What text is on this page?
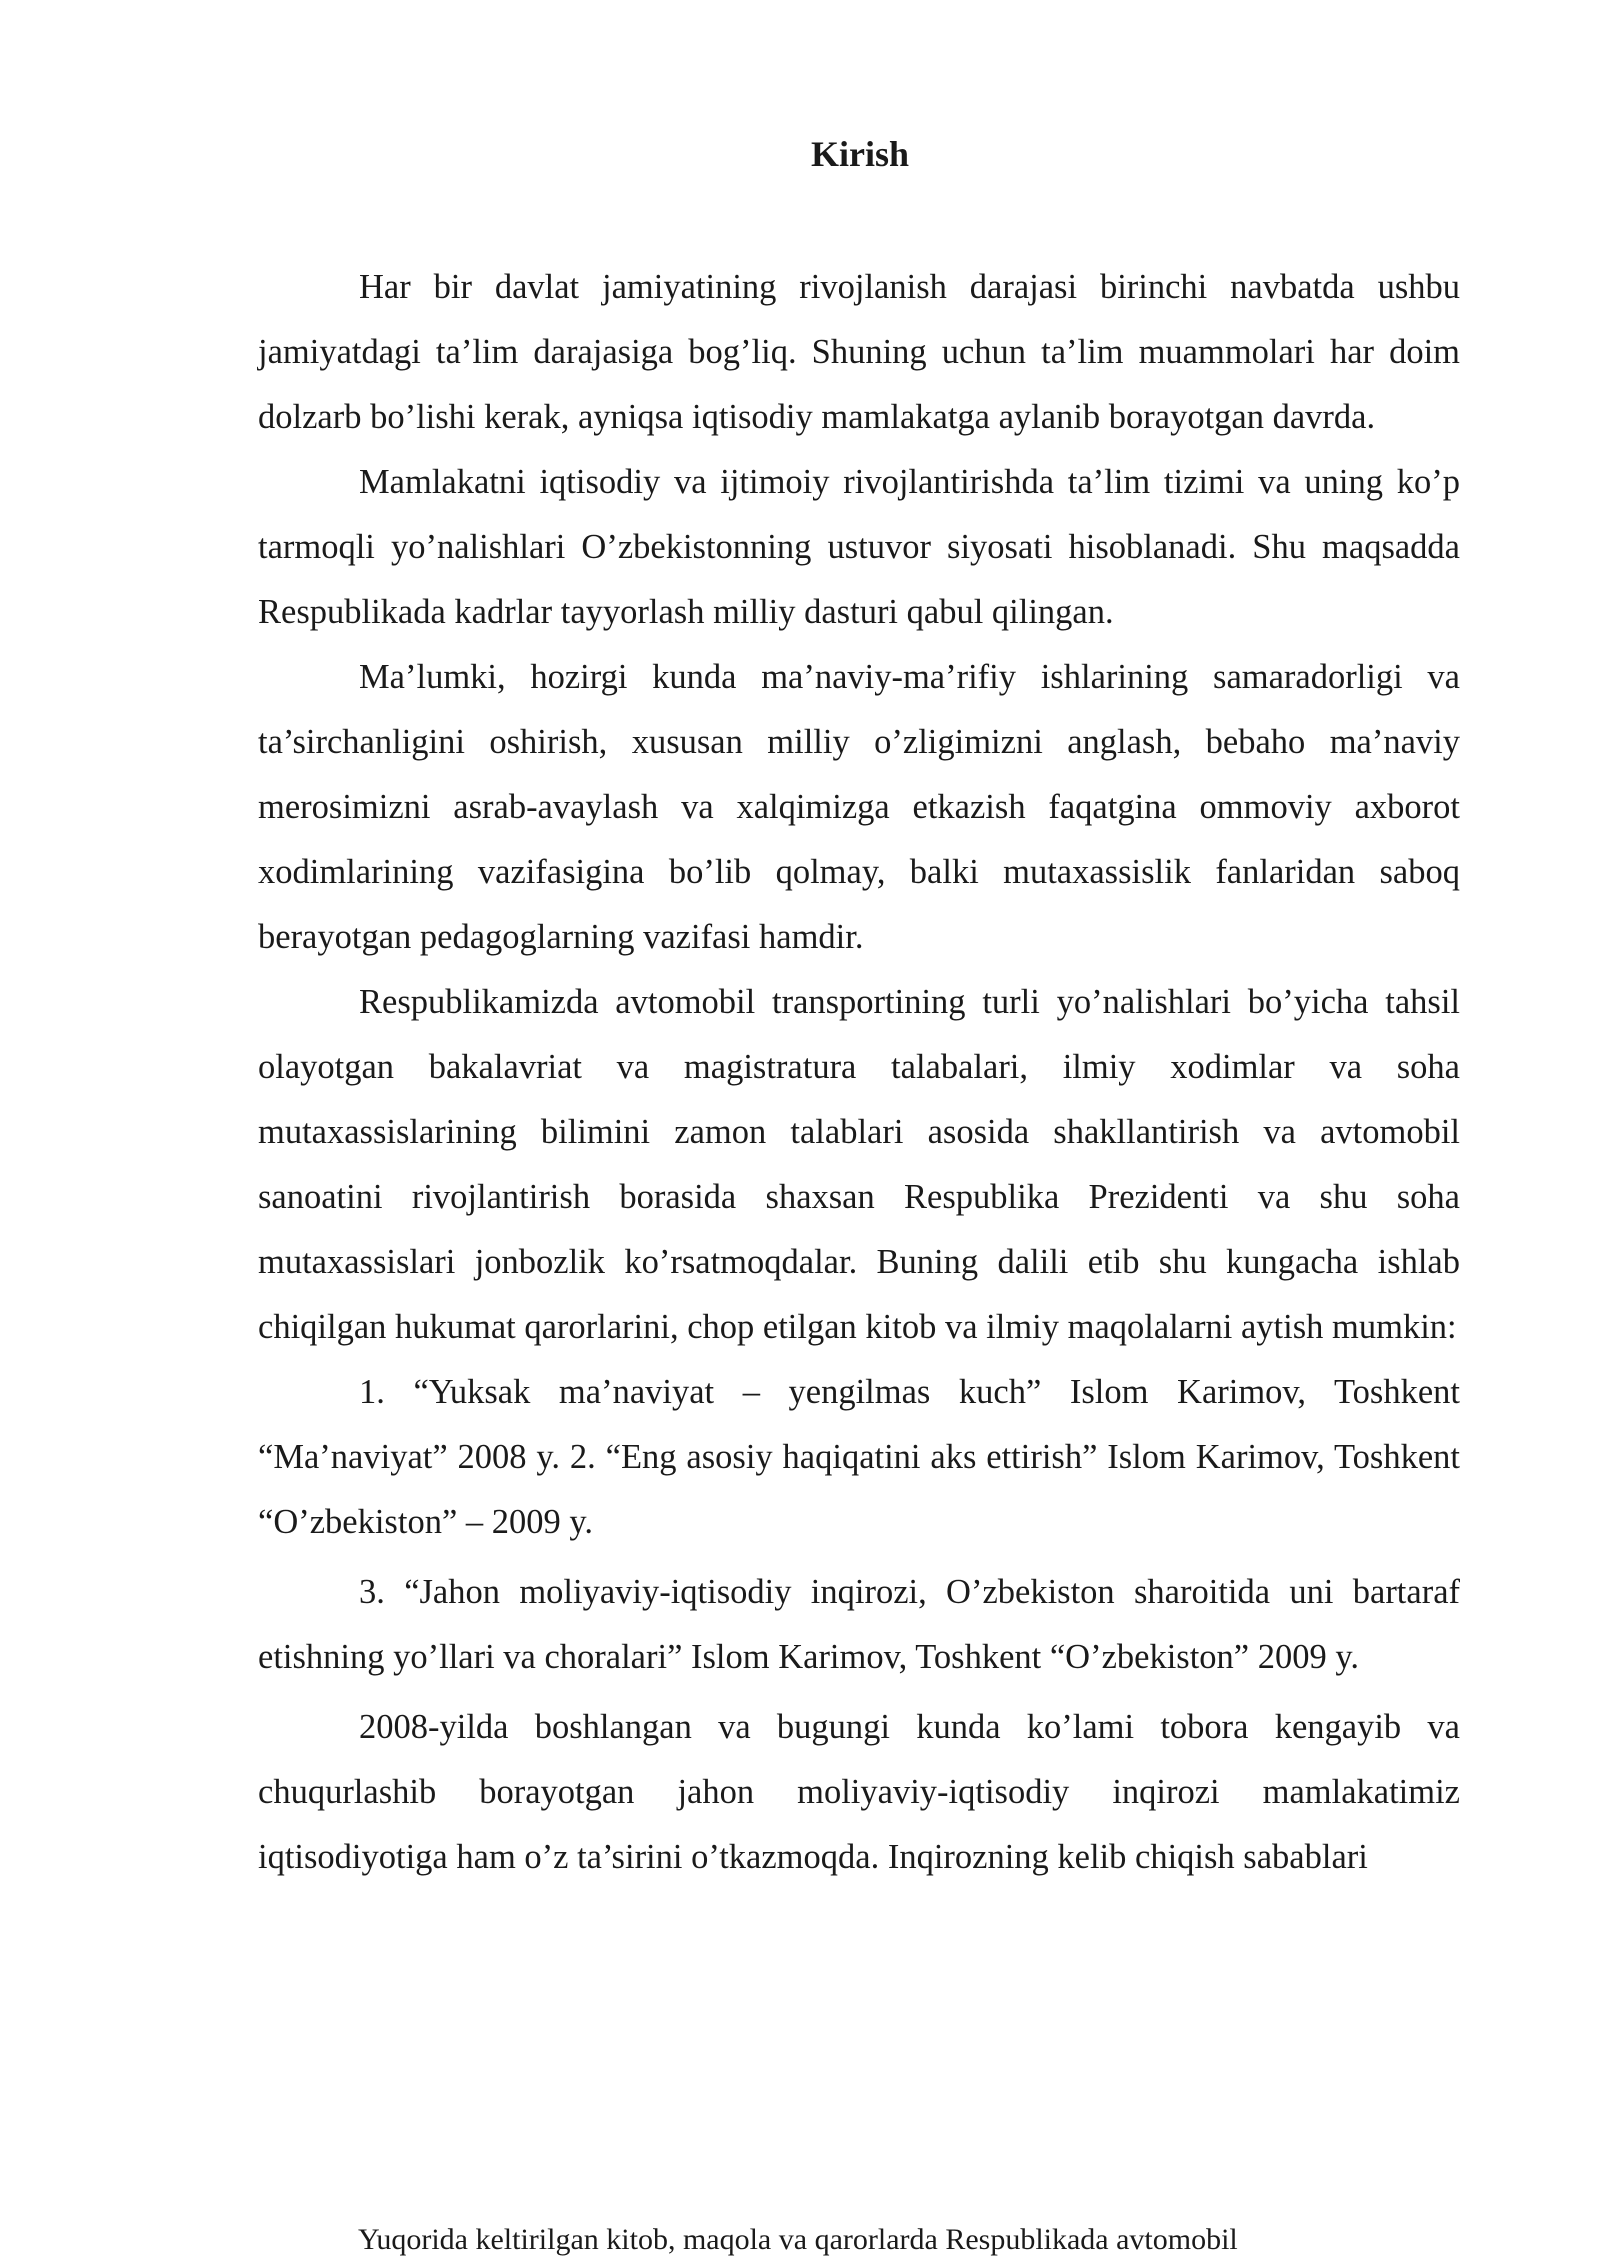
Kirish

Har bir davlat jamiyatining rivojlanish darajasi birinchi navbatda ushbu jamiyatdagi ta’lim darajasiga bog’liq. Shuning uchun ta’lim muammolari har doim dolzarb bo’lishi kerak, ayniqsa iqtisodiy mamlakatga aylanib borayotgan davrda.

Mamlakatni iqtisodiy va ijtimoiy rivojlantirishda ta’lim tizimi va uning ko’p tarmoqli yo’nalishlari O’zbekistonning ustuvor siyosati hisoblanadi. Shu maqsadda Respublikada kadrlar tayyorlash milliy dasturi qabul qilingan.

Ma’lumki, hozirgi kunda ma’naviy-ma’rifiy ishlarining samaradorligi va ta’sirchanligini oshirish, xususan milliy o’zligimizni anglash, bebaho ma’naviy merosimizni asrab-avaylash va xalqimizga etkazish faqatgina ommoviy axborot xodimlarining vazifasigina bo’lib qolmay, balki mutaxassislik fanlaridan saboq berayotgan pedagoglarning vazifasi hamdir.

Respublikamizda avtomobil transportining turli yo’nalishlari bo’yicha tahsil olayotgan bakalavriat va magistratura talabalari, ilmiy xodimlar va soha mutaxassislarining bilimini zamon talablari asosida shakllantirish va avtomobil sanoatini rivojlantirish borasida shaxsan Respublika Prezidenti va shu soha mutaxassislari jonbozlik ko’rsatmoqdalar. Buning dalili etib shu kungacha ishlab chiqilgan hukumat qarorlarini, chop etilgan kitob va ilmiy maqolalarni aytish mumkin:

1. “Yuksak ma’naviyat – yengilmas kuch” Islom Karimov, Toshkent “Ma’naviyat” 2008 y. 2. “Eng asosiy haqiqatini aks ettirish” Islom Karimov, Toshkent “O’zbekiston” – 2009 y.

3. “Jahon moliyaviy-iqtisodiy inqirozi, O’zbekiston sharoitida uni bartaraf etishning yo’llari va choralari” Islom Karimov, Toshkent “O’zbekiston” 2009 y.

2008-yilda boshlangan va bugungi kunda ko’lami tobora kengayib va chuqurlashib borayotgan jahon moliyaviy-iqtisodiy inqirozi mamlakatimiz iqtisodiyotiga ham o’z ta’sirini o’tkazmoqda. Inqirozning kelib chiqish sabablari

Yuqorida keltirilgan kitob, maqola va qarorlarda Respublikada avtomobil
